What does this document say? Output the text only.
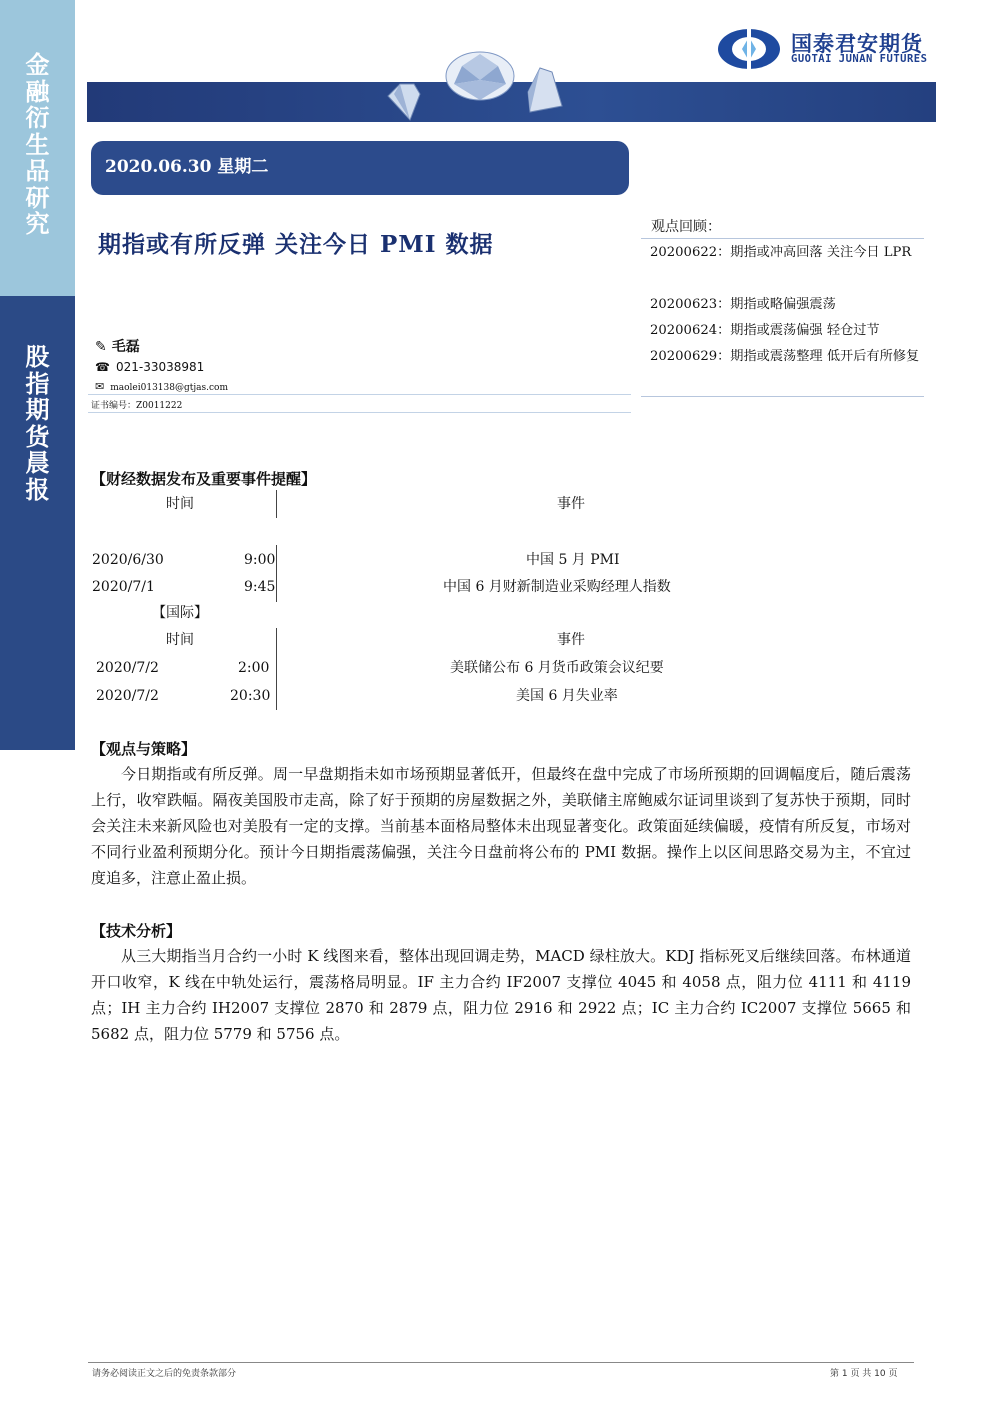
金
融
衍
生
品
研
究
股
指
期
货
晨
报
国泰君安期货
GUOTAI JUNAN FUTURES
2020.06.30 星期二
期指或有所反弹 关注今日 PMI 数据
✎ 毛磊
☎ 021-33038981
✉ maolei013138@gtjas.com
证书编号：Z0011222
观点回顾：
20200622：期指或冲高回落 关注今日 LPR
20200623：期指或略偏强震荡
20200624：期指或震荡偏强 轻仓过节
20200629：期指或震荡整理 低开后有所修复
【财经数据发布及重要事件提醒】
时间	事件
2020/6/30	9:00	中国 5 月 PMI
2020/7/1	9:45	中国 6 月财新制造业采购经理人指数
【国际】
时间	事件
2020/7/2	2:00	美联储公布 6 月货币政策会议纪要
2020/7/2	20:30	美国 6 月失业率
【观点与策略】
今日期指或有所反弹。周一早盘期指未如市场预期显著低开，但最终在盘中完成了市场所预期的回调幅度后，随后震荡上行，收窄跌幅。隔夜美国股市走高，除了好于预期的房屋数据之外，美联储主席鲍威尔证词里谈到了复苏快于预期，同时会关注未来新风险也对美股有一定的支撑。当前基本面格局整体未出现显著变化。政策面延续偏暖，疫情有所反复，市场对不同行业盈利预期分化。预计今日期指震荡偏强，关注今日盘前将公布的 PMI 数据。操作上以区间思路交易为主，不宜过度追多，注意止盈止损。
【技术分析】
从三大期指当月合约一小时 K 线图来看，整体出现回调走势，MACD 绿柱放大。KDJ 指标死叉后继续回落。布林通道开口收窄，K 线在中轨处运行，震荡格局明显。IF 主力合约 IF2007 支撑位 4045 和 4058 点，阻力位 4111 和 4119 点；IH 主力合约 IH2007 支撑位 2870 和 2879 点，阻力位 2916 和 2922 点；IC 主力合约 IC2007 支撑位 5665 和 5682 点，阻力位 5779 和 5756 点。
请务必阅读正文之后的免责条款部分	第 1 页 共 10 页
